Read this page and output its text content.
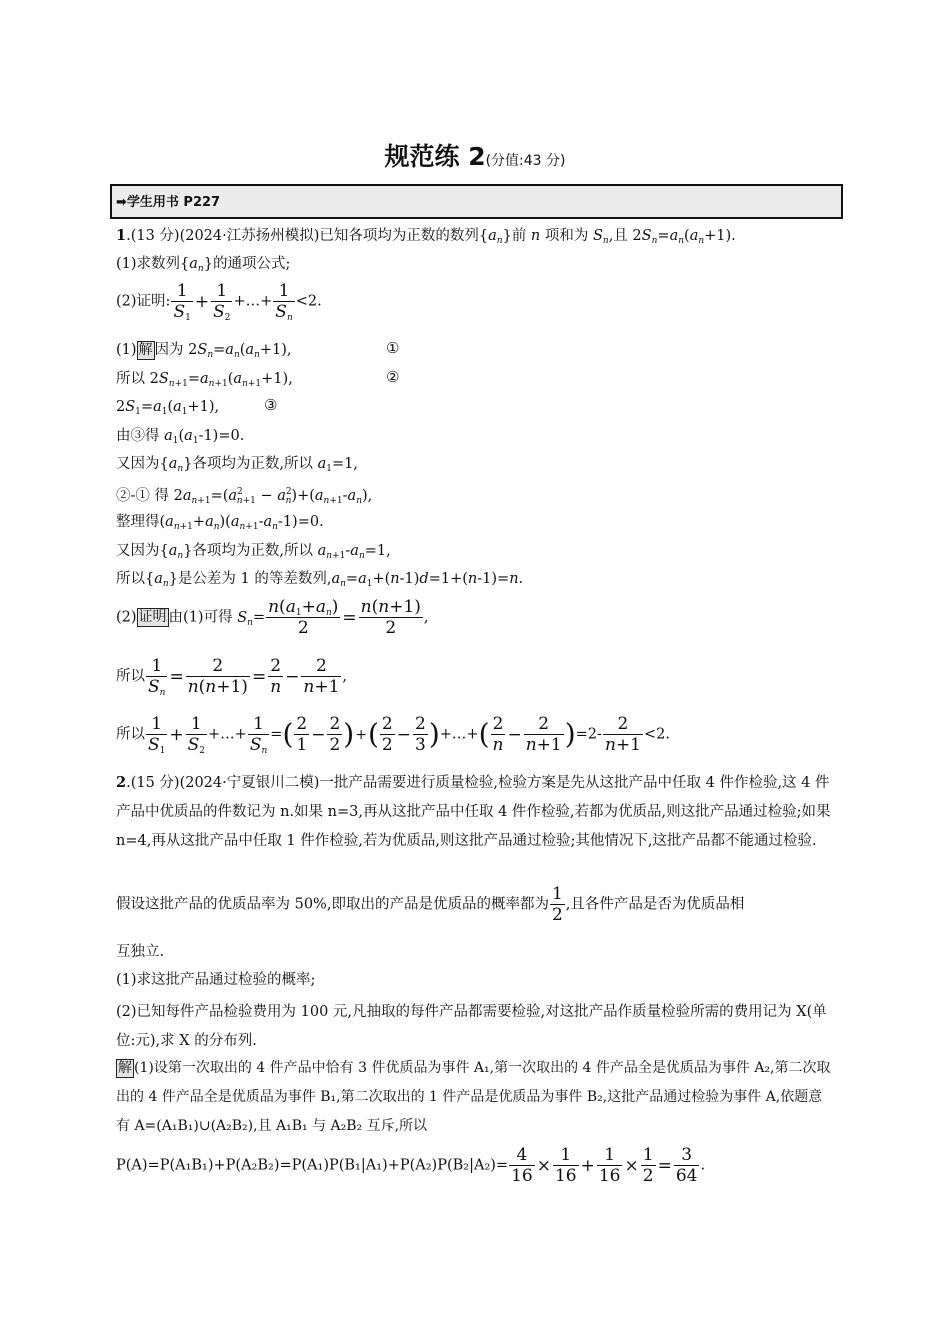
规范练 2(分值:43 分)
➡学生用书 P227
1.(13 分)(2024·江苏扬州模拟)已知各项均为正数的数列$\{a_n\}$前 n 项和为 $S_n$,且 $2S_n=a_n(a_n+1)$.
(1)求数列$\{a_n\}$的通项公式;
(2)证明: $\frac{1}{S_1} + \frac{1}{S_2}$ +…+ $\frac{1}{S_n} <2$.
(1) 解 因为 $2S_n=a_n(a_n+1)$,	①
所以 $2S_{n+1}=a_{n+1}(a_{n+1}+1)$,	②
$2S_1=a_1(a_1+1)$,	③
由③得 $a_1(a_1-1)=0$.
又因为$\{a_n\}$各项均为正数,所以 $a_1=1$,
②-① 得 $2a_{n+1}=(a^2_{n+1} - a^2_n)+(a_{n+1}-a_n)$,
整理得$(a_{n+1}+a_n)(a_{n+1}-a_n-1)=0$.
又因为$\{a_n\}$各项均为正数,所以 $a_{n+1}-a_n=1$,
所以$\{a_n\}$是公差为 1 的等差数列$,a_n=a_1+(n-1)d=1+(n-1)=n$.
(2) 证明 由(1)可得 $S_n= \frac{n(a_1+a_n)}{2} = \frac{n(n+1)}{2}$ ,
所以 $\frac{1}{S_n} = \frac{2}{n(n+1)} = \frac{2}{n} - \frac{2}{n+1}$ ,
所以 $\frac{1}{S_1} + \frac{1}{S_2}$ +…+ $\frac{1}{S_n}$ =( $\frac{2}{1} - \frac{2}{2}$ )+( $\frac{2}{2} - \frac{2}{3}$ )+…+( $\frac{2}{n} - \frac{2}{n+1} )=2- \frac{2}{n+1} <2$.
2.(15 分)(2024·宁夏银川二模)一批产品需要进行质量检验,检验方案是先从这批产品中任取 4 件作检验,这 4 件产品中优质品的件数记为 n.如果 n=3,再从这批产品中任取 4 件作检验,若都为优质品,则这批产品通过检验;如果 n=4,再从这批产品中任取 1 件作检验,若为优质品,则这批产品通过检验;其他情况下,这批产品都不能通过检验.
假设这批产品的优质品率为 50%,即取出的产品是优质品的概率都为 $\frac{1}{2}$ ,且各件产品是否为优质品相
互独立.
(1)求这批产品通过检验的概率;
(2)已知每件产品检验费用为 100 元,凡抽取的每件产品都需要检验,对这批产品作质量检验所需的费用记为 X(单位:元),求 X 的分布列.
解 (1)设第一次取出的 4 件产品中恰有 3 件优质品为事件 A₁,第一次取出的 4 件产品全是优质品为事件 A₂,第二次取出的 4 件产品全是优质品为事件 B₁,第二次取出的 1 件产品是优质品为事件 B₂,这批产品通过检验为事件 A,依题意有 A=(A₁B₁)∪(A₂B₂),且 A₁B₁ 与 A₂B₂ 互斥,所以
$P(A)=P(A_1B_1)+P(A_2B_2)=P(A_1)P(B_1|A_1)+P(A_2)P(B_2|A_2)= \frac{4}{16} \times \frac{1}{16} + \frac{1}{16} \times \frac{1}{2} = \frac{3}{64}$ .
